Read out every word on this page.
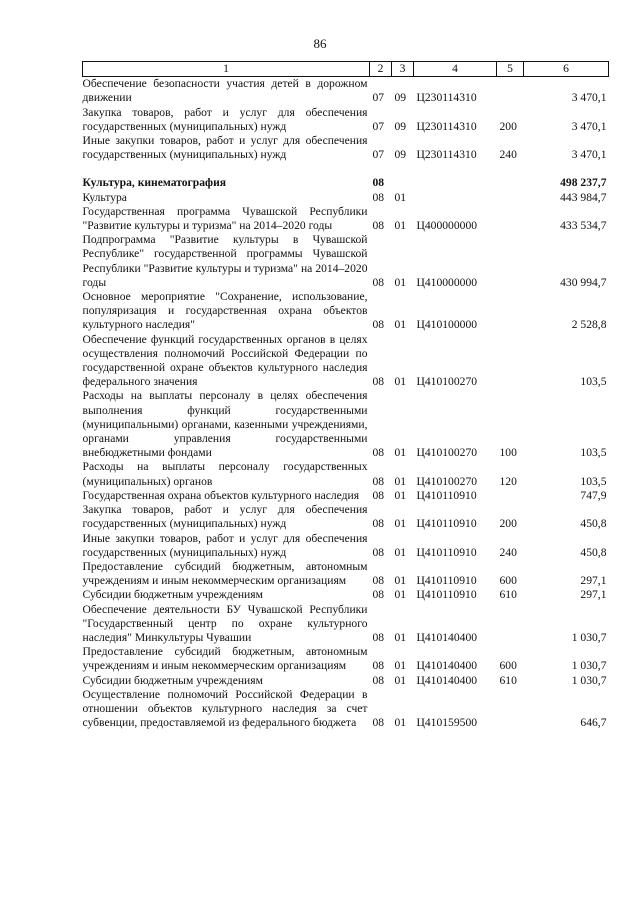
86
1	2	3	4	5	6
Обеспечение безопасности участия детей в дорожном движении	07	09	Ц230114310		3 470,1
Закупка товаров, работ и услуг для обеспечения государственных (муниципальных) нужд	07	09	Ц230114310	200	3 470,1
Иные закупки товаров, работ и услуг для обеспечения государственных (муниципальных) нужд	07	09	Ц230114310	240	3 470,1

Культура, кинематография	08				498 237,7
Культура	08	01			443 984,7
Государственная программа Чувашской Республики "Развитие культуры и туризма" на 2014–2020 годы	08	01	Ц400000000		433 534,7
Подпрограмма "Развитие культуры в Чувашской Республике" государственной программы Чувашской Республики "Развитие культуры и туризма" на 2014–2020 годы	08	01	Ц410000000		430 994,7
Основное мероприятие "Сохранение, использование, популяризация и государственная охрана объектов культурного наследия"	08	01	Ц410100000		2 528,8
Обеспечение функций государственных органов в целях осуществления полномочий Российской Федерации по государственной охране объектов культурного наследия федерального значения	08	01	Ц410100270		103,5
Расходы на выплаты персоналу в целях обеспечения выполнения функций государственными (муниципальными) органами, казенными учреждениями, органами управления государственными внебюджетными фондами	08	01	Ц410100270	100	103,5
Расходы на выплаты персоналу государственных (муниципальных) органов	08	01	Ц410100270	120	103,5
Государственная охрана объектов культурного наследия	08	01	Ц410110910		747,9
Закупка товаров, работ и услуг для обеспечения государственных (муниципальных) нужд	08	01	Ц410110910	200	450,8
Иные закупки товаров, работ и услуг для обеспечения государственных (муниципальных) нужд	08	01	Ц410110910	240	450,8
Предоставление субсидий бюджетным, автономным учреждениям и иным некоммерческим организациям	08	01	Ц410110910	600	297,1
Субсидии бюджетным учреждениям	08	01	Ц410110910	610	297,1
Обеспечение деятельности БУ Чувашской Республики "Государственный центр по охране культурного наследия" Минкультуры Чувашии	08	01	Ц410140400		1 030,7
Предоставление субсидий бюджетным, автономным учреждениям и иным некоммерческим организациям	08	01	Ц410140400	600	1 030,7
Субсидии бюджетным учреждениям	08	01	Ц410140400	610	1 030,7
Осуществление полномочий Российской Федерации в отношении объектов культурного наследия за счет субвенции, предоставляемой из федерального бюджета	08	01	Ц410159500		646,7
